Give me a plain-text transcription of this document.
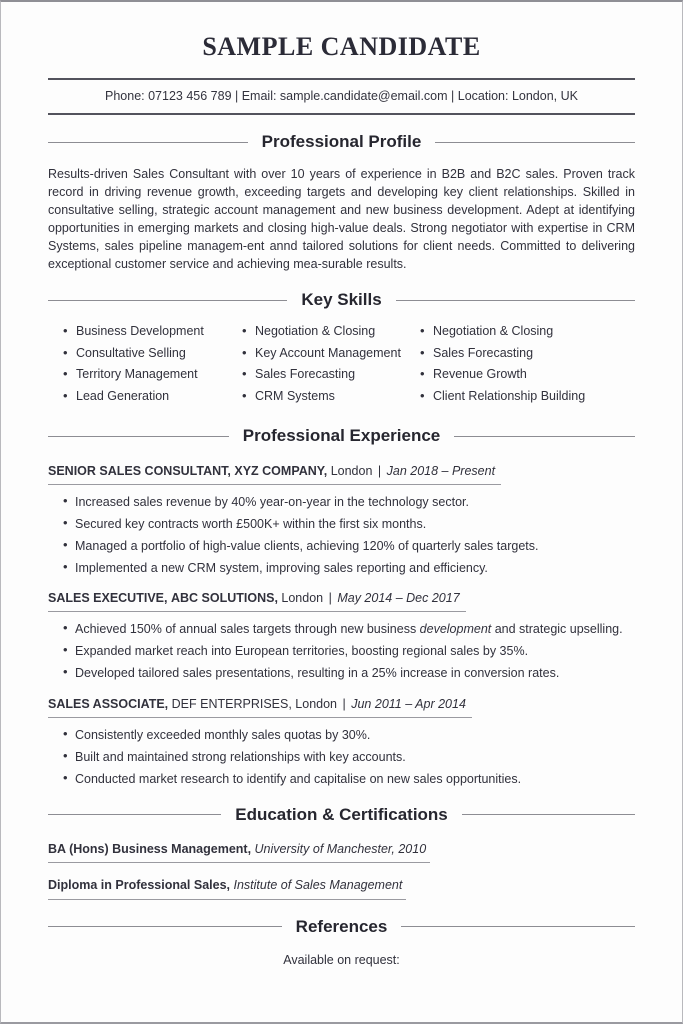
SAMPLE CANDIDATE
Phone: 07123 456 789 | Email: sample.candidate@email.com | Location: London, UK
Professional Profile

Results-driven Sales Consultant with over 10 years of experience in B2B and B2C sales. Proven track record in driving revenue growth, exceeding targets and developing key client relationships. Skilled in consultative selling, strategic account management and new business development. Adept at identifying opportunities in emerging markets and closing high-value deals. Strong negotiator with expertise in CRM Systems, sales pipeline managem-ent annd tailored solutions for client needs. Committed to delivering exceptional customer service and achieving mea-surable results.

Key Skills
• Business Development
• Consultative Selling
• Territory Management
• Lead Generation
• Negotiation & Closing
• Key Account Management
• Sales Forecasting
• CRM Systems
• Negotiation & Closing
• Sales Forecasting
• Revenue Growth
• Client Relationship Building
Professional Experience
SENIOR SALES CONSULTANT, XYZ COMPANY, London | Jan 2018 – Present
• Increased sales revenue by 40% year-on-year in the technology sector.
• Secured key contracts worth £500K+ within the first six months.
• Managed a portfolio of high-value clients, achieving 120% of quarterly sales targets.
• Implemented a new CRM system, improving sales reporting and efficiency.
SALES EXECUTIVE, ABC SOLUTIONS, London | May 2014 – Dec 2017
• Achieved 150% of annual sales targets through new business development and strategic upselling.
• Expanded market reach into European territories, boosting regional sales by 35%.
• Developed tailored sales presentations, resulting in a 25% increase in conversion rates.
SALES ASSOCIATE, DEF ENTERPRISES, London | Jun 2011 – Apr 2014
• Consistently exceeded monthly sales quotas by 30%.
• Built and maintained strong relationships with key accounts.
• Conducted market research to identify and capitalise on new sales opportunities.
Education & Certifications

BA (Hons) Business Management, University of Manchester, 2010

Diploma in Professional Sales, Institute of Sales Management

References

Available on request:
